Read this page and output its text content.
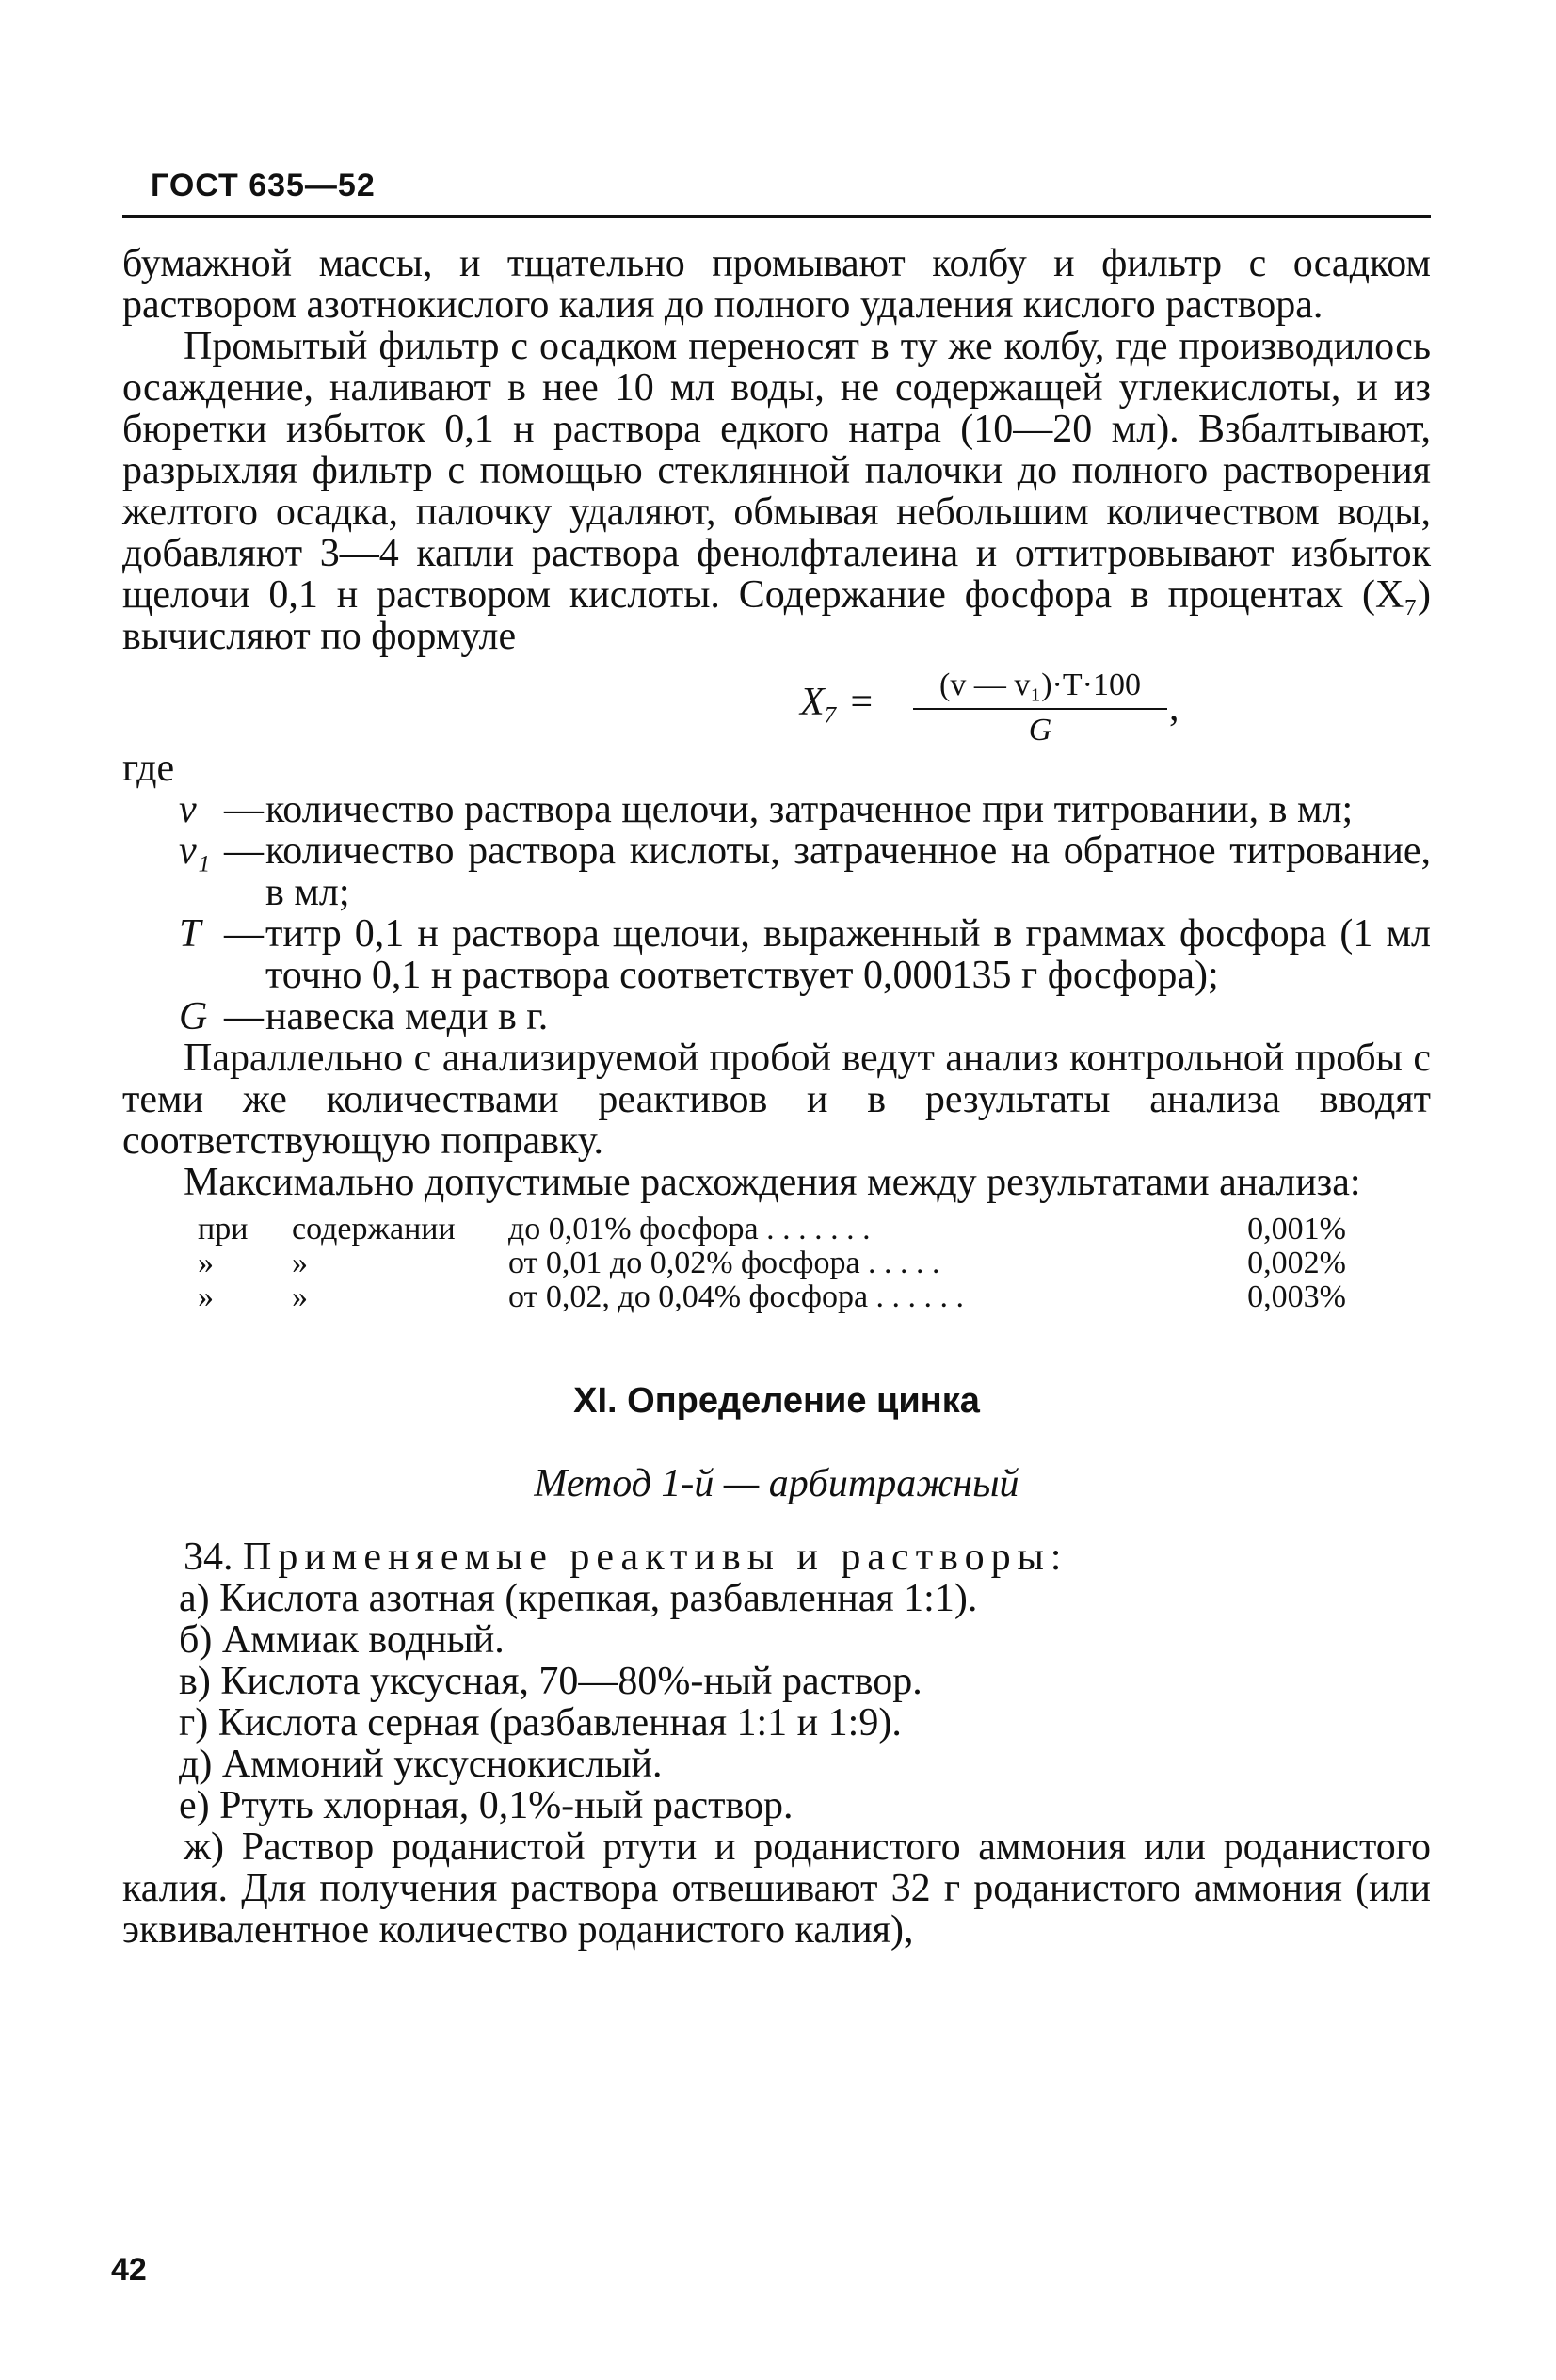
ГОСТ 635—52

бумажной массы, и тщательно промывают колбу и фильтр с осадком раствором азотнокислого калия до полного удаления кислого раствора.

Промытый фильтр с осадком переносят в ту же колбу, где производилось осаждение, наливают в нее 10 мл воды, не содержащей углекислоты, и из бюретки избыток 0,1 н раствора едкого натра (10—20 мл). Взбалтывают, разрыхляя фильтр с помощью стеклянной палочки до полного растворения желтого осадка, палочку удаляют, обмывая небольшим количеством воды, добавляют 3—4 капли раствора фенолфталеина и оттитровывают избыток щелочи 0,1 н раствором кислоты. Содержание фосфора в процентах (X₇) вычисляют по формуле

$X_7 = \frac{\text{(v — v₁)·T·100}}{G}$ ,

где

v — количество раствора щелочи, затраченное при титровании, в мл;
v₁ — количество раствора кислоты, затраченное на обратное титрование, в мл;
T — титр 0,1 н раствора щелочи, выраженный в граммах фосфора (1 мл точно 0,1 н раствора соответствует 0,000135 г фосфора);
G — навеска меди в г.

Параллельно с анализируемой пробой ведут анализ контрольной пробы с теми же количествами реактивов и в результаты анализа вводят соответствующую поправку.

Максимально допустимые расхождения между результатами анализа:

при	содержании	до 0,01% фосфора . . . . . . .	0,001%
»	»	от 0,01 до 0,02% фосфора . . . . .	0,002%
»	»	от 0,02, до 0,04% фосфора . . . . . .	0,003%
XI. Определение цинка
Метод 1-й — арбитражный

34. Применяемые реактивы и растворы:

а) Кислота азотная (крепкая, разбавленная 1:1).

б) Аммиак водный.

в) Кислота уксусная, 70—80%-ный раствор.

г) Кислота серная (разбавленная 1:1 и 1:9).

д) Аммоний уксуснокислый.

е) Ртуть хлорная, 0,1%-ный раствор.

ж) Раствор роданистой ртути и роданистого аммония или роданистого калия. Для получения раствора отвешивают 32 г роданистого аммония (или эквивалентное количество роданистого калия),

42
